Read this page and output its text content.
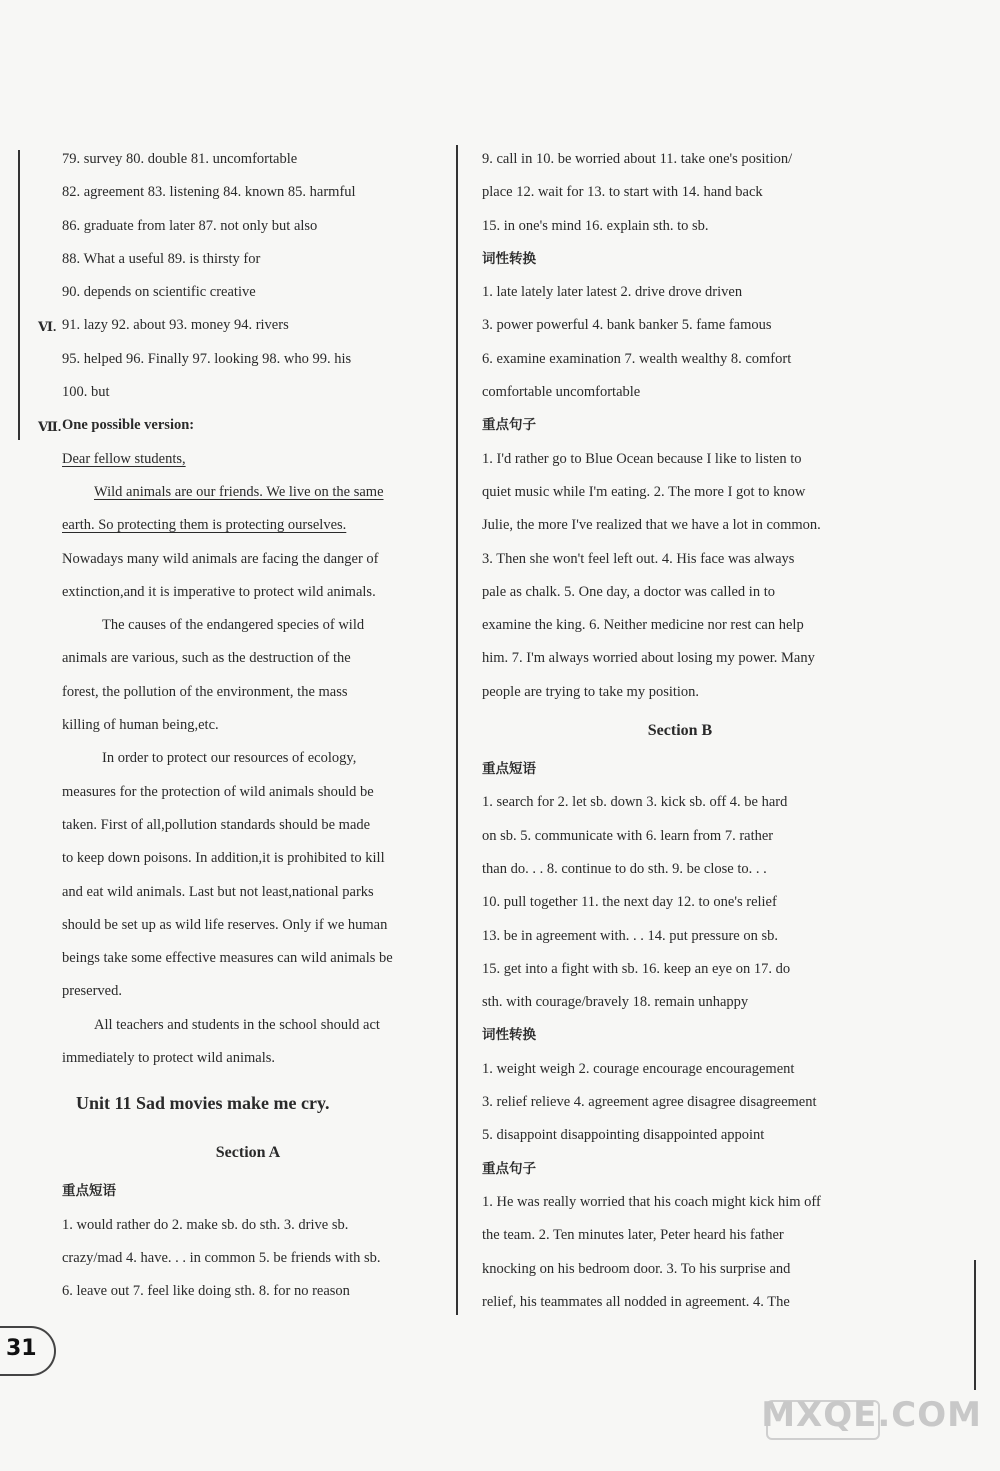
79. survey 80. double 81. uncomfortable
82. agreement 83. listening 84. known 85. harmful
86. graduate from later 87. not only but also
88. What a useful 89. is thirsty for
90. depends on scientific creative
91. lazy 92. about 93. money 94. rivers
95. helped 96. Finally 97. looking 98. who 99. his
100. but
One possible version:
Dear fellow students,
Wild animals are our friends. We live on the same
earth. So protecting them is protecting ourselves.
Nowadays many wild animals are facing the danger of
extinction,and it is imperative to protect wild animals.
The causes of the endangered species of wild
animals are various, such as the destruction of the
forest, the pollution of the environment, the mass
killing of human being,etc.
In order to protect our resources of ecology,
measures for the protection of wild animals should be
taken. First of all,pollution standards should be made
to keep down poisons. In addition,it is prohibited to kill
and eat wild animals. Last but not least,national parks
should be set up as wild life reserves. Only if we human
beings take some effective measures can wild animals be
preserved.
All teachers and students in the school should act
immediately to protect wild animals.
Unit 11 Sad movies make me cry.
Section A
重点短语
1. would rather do 2. make sb. do sth. 3. drive sb.
crazy/mad 4. have. . . in common 5. be friends with sb.
6. leave out 7. feel like doing sth. 8. for no reason
Ⅵ.
Ⅶ.
9. call in 10. be worried about 11. take one's position/
place 12. wait for 13. to start with 14. hand back
15. in one's mind 16. explain sth. to sb.
词性转换
1. late lately later latest 2. drive drove driven
3. power powerful 4. bank banker 5. fame famous
6. examine examination 7. wealth wealthy 8. comfort
comfortable uncomfortable
重点句子
1. I'd rather go to Blue Ocean because I like to listen to
quiet music while I'm eating. 2. The more I got to know
Julie, the more I've realized that we have a lot in common.
3. Then she won't feel left out. 4. His face was always
pale as chalk. 5. One day, a doctor was called in to
examine the king. 6. Neither medicine nor rest can help
him. 7. I'm always worried about losing my power. Many
people are trying to take my position.
Section B
重点短语
1. search for 2. let sb. down 3. kick sb. off 4. be hard
on sb. 5. communicate with 6. learn from 7. rather
than do. . . 8. continue to do sth. 9. be close to. . .
10. pull together 11. the next day 12. to one's relief
13. be in agreement with. . . 14. put pressure on sb.
15. get into a fight with sb. 16. keep an eye on 17. do
sth. with courage/bravely 18. remain unhappy
词性转换
1. weight weigh 2. courage encourage encouragement
3. relief relieve 4. agreement agree disagree disagreement
5. disappoint disappointing disappointed appoint
重点句子
1. He was really worried that his coach might kick him off
the team. 2. Ten minutes later, Peter heard his father
knocking on his bedroom door. 3. To his surprise and
relief, his teammates all nodded in agreement. 4. The
31
MXQE.COM
